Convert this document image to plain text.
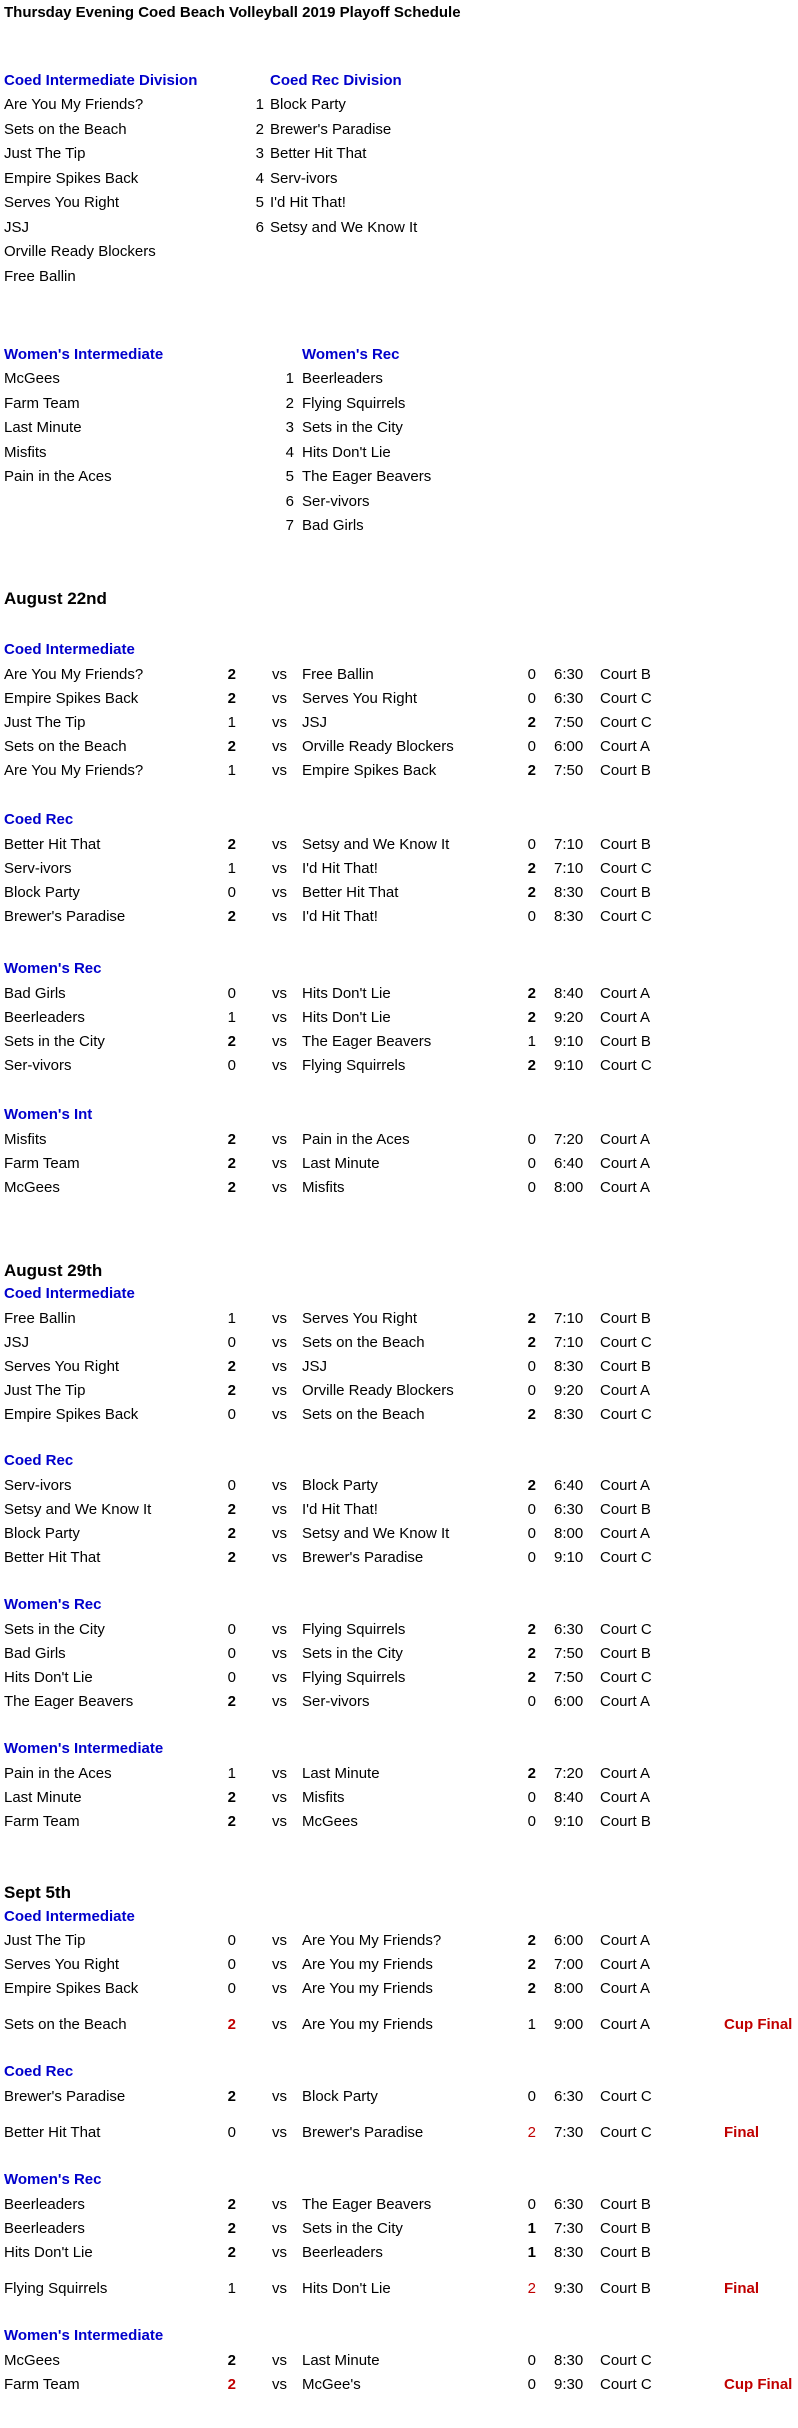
Thursday Evening Coed Beach Volleyball 2019 Playoff Schedule
Coed Intermediate Division
Are You My Friends?
Sets on the Beach
Just The Tip
Empire Spikes Back
Serves You Right
JSJ
Orville Ready Blockers
Free Ballin
Coed Rec Division
1 Block Party
2 Brewer's Paradise
3 Better Hit That
4 Serv-ivors
5 I'd Hit That!
6 Setsy and We Know It
Women's Intermediate
McGees
Farm Team
Last Minute
Misfits
Pain in the Aces
Women's Rec
1 Beerleaders
2 Flying Squirrels
3 Sets in the City
4 Hits Don't Lie
5 The Eager Beavers
6 Ser-vivors
7 Bad Girls
August 22nd
Coed Intermediate
Are You My Friends?	2 vs Free Ballin	0 6:30 Court B
Empire Spikes Back	2 vs Serves You Right	0 6:30 Court C
Just The Tip	1 vs JSJ	2 7:50 Court C
Sets on the Beach	2 vs Orville Ready Blockers	0 6:00 Court A
Are You My Friends?	1 vs Empire Spikes Back	2 7:50 Court B
Coed Rec
Better Hit That	2 vs Setsy and We Know It	0 7:10 Court B
Serv-ivors	1 vs I'd Hit That!	2 7:10 Court C
Block Party	0 vs Better Hit That	2 8:30 Court B
Brewer's Paradise	2 vs I'd Hit That!	0 8:30 Court C
Women's Rec
Bad Girls	0 vs Hits Don't Lie	2 8:40 Court A
Beerleaders	1 vs Hits Don't Lie	2 9:20 Court A
Sets in the City	2 vs The Eager Beavers	1 9:10 Court B
Ser-vivors	0 vs Flying Squirrels	2 9:10 Court C
Women's Int
Misfits	2 vs Pain in the Aces	0 7:20 Court A
Farm Team	2 vs Last Minute	0 6:40 Court A
McGees	2 vs Misfits	0 8:00 Court A
August 29th
Coed Intermediate
Free Ballin	1 vs Serves You Right	2 7:10 Court B
JSJ	0 vs Sets on the Beach	2 7:10 Court C
Serves You Right	2 vs JSJ	0 8:30 Court B
Just The Tip	2 vs Orville Ready Blockers	0 9:20 Court A
Empire Spikes Back	0 vs Sets on the Beach	2 8:30 Court C
Coed Rec
Serv-ivors	0 vs Block Party	2 6:40 Court A
Setsy and We Know It	2 vs I'd Hit That!	0 6:30 Court B
Block Party	2 vs Setsy and We Know It	0 8:00 Court A
Better Hit That	2 vs Brewer's Paradise	0 9:10 Court C
Women's Rec
Sets in the City	0 vs Flying Squirrels	2 6:30 Court C
Bad Girls	0 vs Sets in the City	2 7:50 Court B
Hits Don't Lie	0 vs Flying Squirrels	2 7:50 Court C
The Eager Beavers	2 vs Ser-vivors	0 6:00 Court A
Women's Intermediate
Pain in the Aces	1 vs Last Minute	2 7:20 Court A
Last Minute	2 vs Misfits	0 8:40 Court A
Farm Team	2 vs McGees	0 9:10 Court B
Sept 5th
Coed Intermediate
Just The Tip	0 vs Are You My Friends?	2 6:00 Court A
Serves You Right	0 vs Are You my Friends	2 7:00 Court A
Empire Spikes Back	0 vs Are You my Friends	2 8:00 Court A
Sets on the Beach	2 vs Are You my Friends	1 9:00 Court A	Cup Final
Coed Rec
Brewer's Paradise	2 vs Block Party	0 6:30 Court C
Better Hit That	0 vs Brewer's Paradise	2 7:30 Court C	Final
Women's Rec
Beerleaders	2 vs The Eager Beavers	0 6:30 Court B
Beerleaders	2 vs Sets in the City	1 7:30 Court B
Hits Don't Lie	2 vs Beerleaders	1 8:30 Court B
Flying Squirrels	1 vs Hits Don't Lie	2 9:30 Court B	Final
Women's Intermediate
McGees	2 vs Last Minute	0 8:30 Court C
Farm Team	2 vs McGee's	0 9:30 Court C	Cup Final
